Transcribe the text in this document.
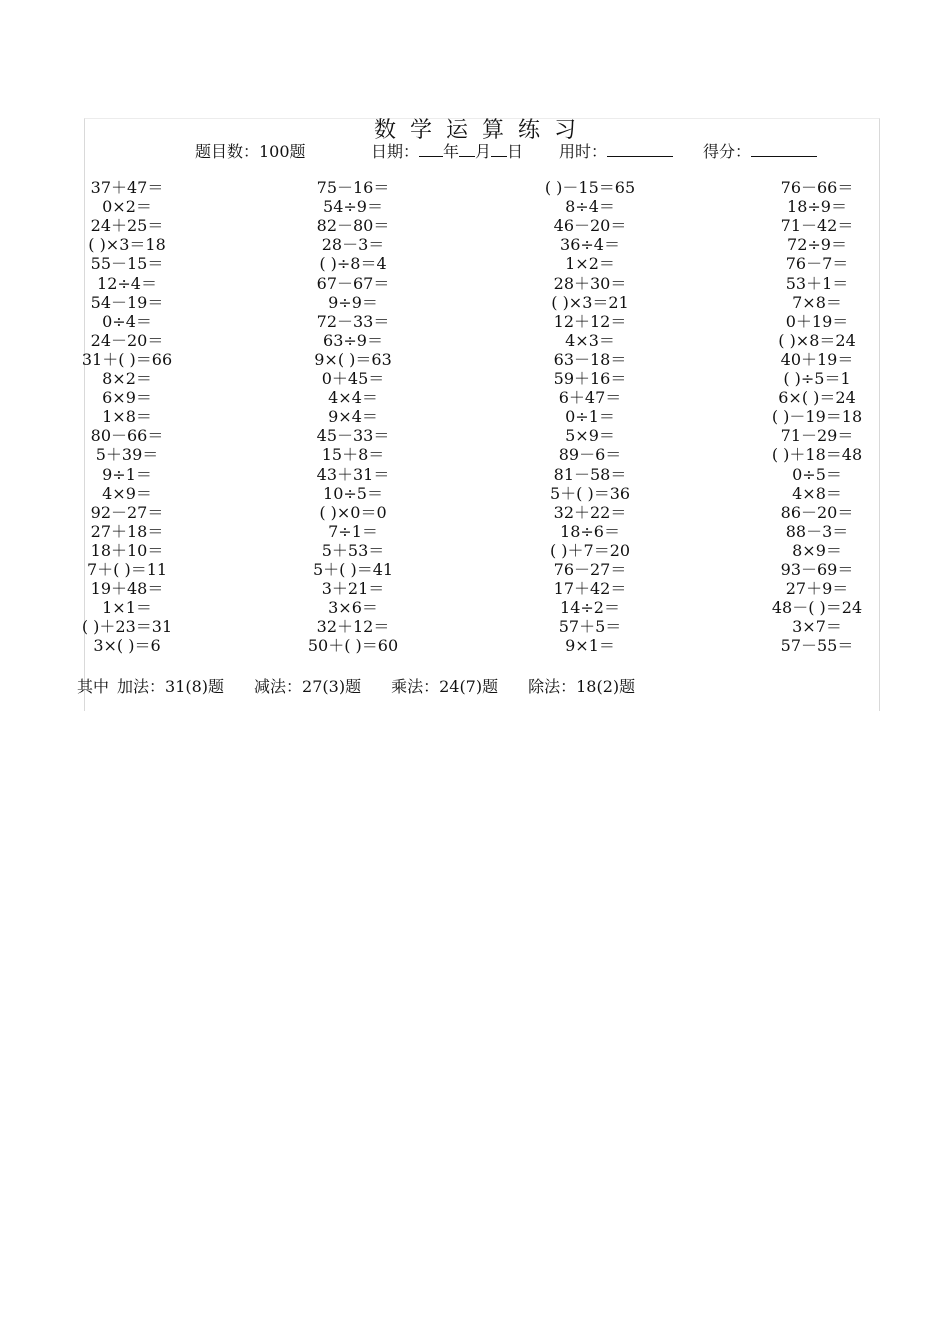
数学运算练习
题目数：100题	日期： 年 月 日 用时：	得分：
37＋47＝
0×2＝
24＋25＝
( )×3＝18
55－15＝
12÷4＝
54－19＝
0÷4＝
24－20＝
31＋( )＝66
8×2＝
6×9＝
1×8＝
80－66＝
5＋39＝
9÷1＝
4×9＝
92－27＝
27＋18＝
18＋10＝
7＋( )＝11
19＋48＝
1×1＝
( )＋23＝31
3×( )＝6
75－16＝
54÷9＝
82－80＝
28－3＝
( )÷8＝4
67－67＝
9÷9＝
72－33＝
63÷9＝
9×( )＝63
0＋45＝
4×4＝
9×4＝
45－33＝
15＋8＝
43＋31＝
10÷5＝
( )×0＝0
7÷1＝
5＋53＝
5＋( )＝41
3＋21＝
3×6＝
32＋12＝
50＋( )＝60
( )－15＝65
8÷4＝
46－20＝
36÷4＝
1×2＝
28＋30＝
( )×3＝21
12＋12＝
4×3＝
63－18＝
59＋16＝
6＋47＝
0÷1＝
5×9＝
89－6＝
81－58＝
5＋( )＝36
32＋22＝
18÷6＝
( )＋7＝20
76－27＝
17＋42＝
14÷2＝
57＋5＝
9×1＝
76－66＝
18÷9＝
71－42＝
72÷9＝
76－7＝
53＋1＝
7×8＝
0＋19＝
( )×8＝24
40＋19＝
( )÷5＝1
6×( )＝24
( )－19＝18
71－29＝
( )＋18＝48
0÷5＝
4×8＝
86－20＝
88－3＝
8×9＝
93－69＝
27＋9＝
48－( )＝24
3×7＝
57－55＝
其中 加法：31(8)题 减法：27(3)题 乘法：24(7)题 除法：18(2)题
